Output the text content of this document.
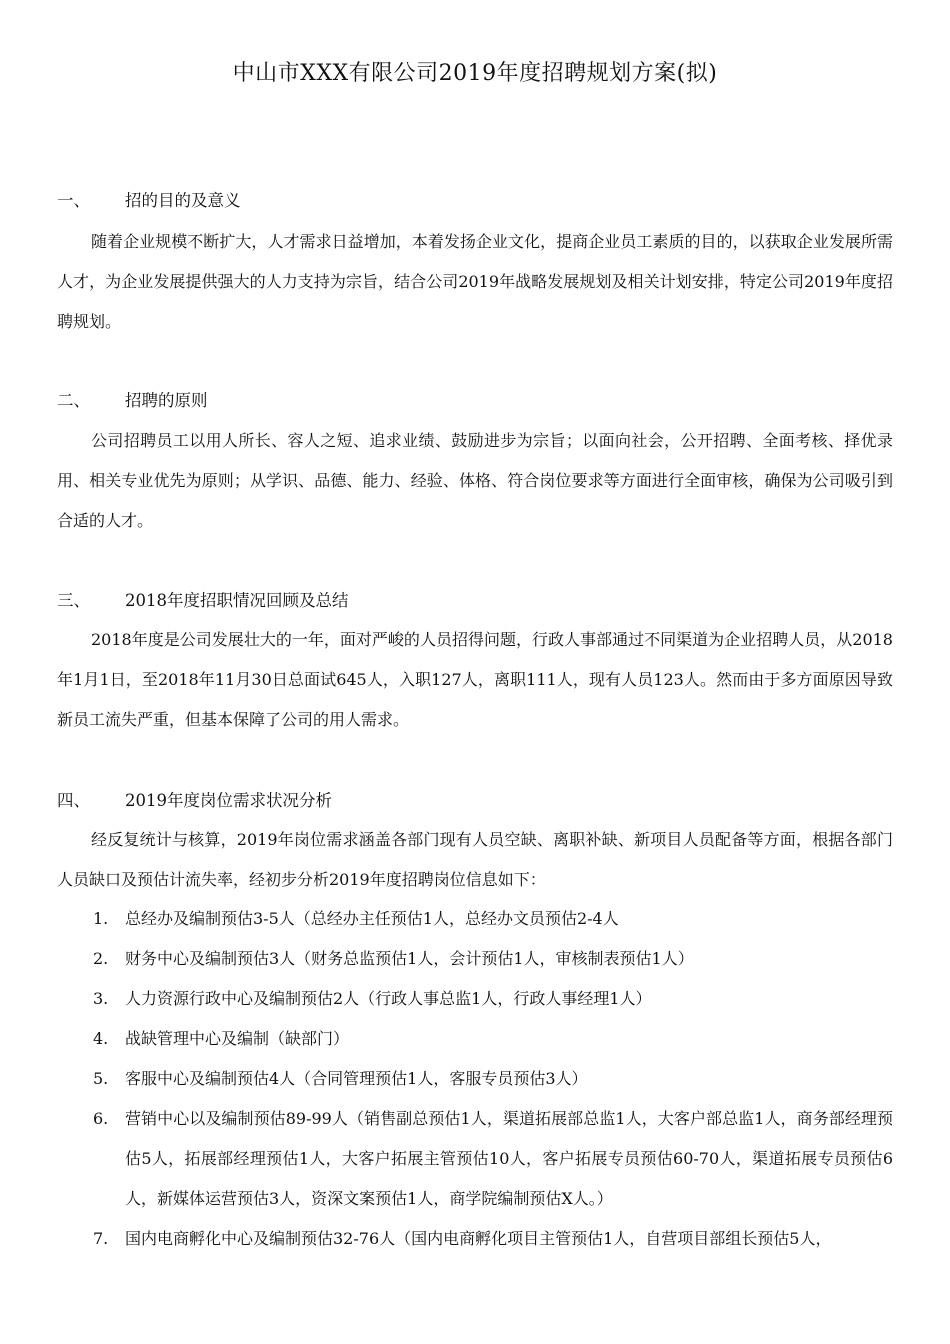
中山市XXX有限公司2019年度招聘规划方案(拟)
一、 招的目的及意义

随着企业规模不断扩大，人才需求日益增加，本着发扬企业文化，提商企业员工素质的目的，以获取企业发展所需人才，为企业发展提供强大的人力支持为宗旨，结合公司2019年战略发展规划及相关计划安排，特定公司2019年度招聘规划。

二、 招聘的原则

公司招聘员工以用人所长、容人之短、追求业绩、鼓励进步为宗旨；以面向社会，公开招聘、全面考核、择优录用、相关专业优先为原则；从学识、品德、能力、经验、体格、符合岗位要求等方面进行全面审核，确保为公司吸引到合适的人才。

三、 2018年度招职情况回顾及总结

2018年度是公司发展壮大的一年，面对严峻的人员招得问题，行政人事部通过不同渠道为企业招聘人员，从2018年1月1日，至2018年11月30日总面试645人，入职127人，离职111人，现有人员123人。然而由于多方面原因导致新员工流失严重，但基本保障了公司的用人需求。

四、 2019年度岗位需求状况分析

经反复统计与核算，2019年岗位需求涵盖各部门现有人员空缺、离职补缺、新项目人员配备等方面，根据各部门人员缺口及预估计流失率，经初步分析2019年度招聘岗位信息如下：

1. 总经办及编制预估3-5人（总经办主任预估1人，总经办文员预估2-4人
2. 财务中心及编制预估3人（财务总监预估1人，会计预估1人，审核制表预估1人）
3. 人力资源行政中心及编制预估2人（行政人事总监1人，行政人事经理1人）
4. 战缺管理中心及编制（缺部门）
5. 客服中心及编制预估4人（合同管理预估1人，客服专员预估3人）
6. 营销中心以及编制预估89-99人（销售副总预估1人，渠道拓展部总监1人，大客户部总监1人，商务部经理预估5人，拓展部经理预估1人，大客户拓展主管预估10人，客户拓展专员预估60-70人，渠道拓展专员预估6人，新媒体运营预估3人，资深文案预估1人，商学院编制预估X人。）
7. 国内电商孵化中心及编制预估32-76人（国内电商孵化项目主管预估1人，自营项目部组长预估5人，
